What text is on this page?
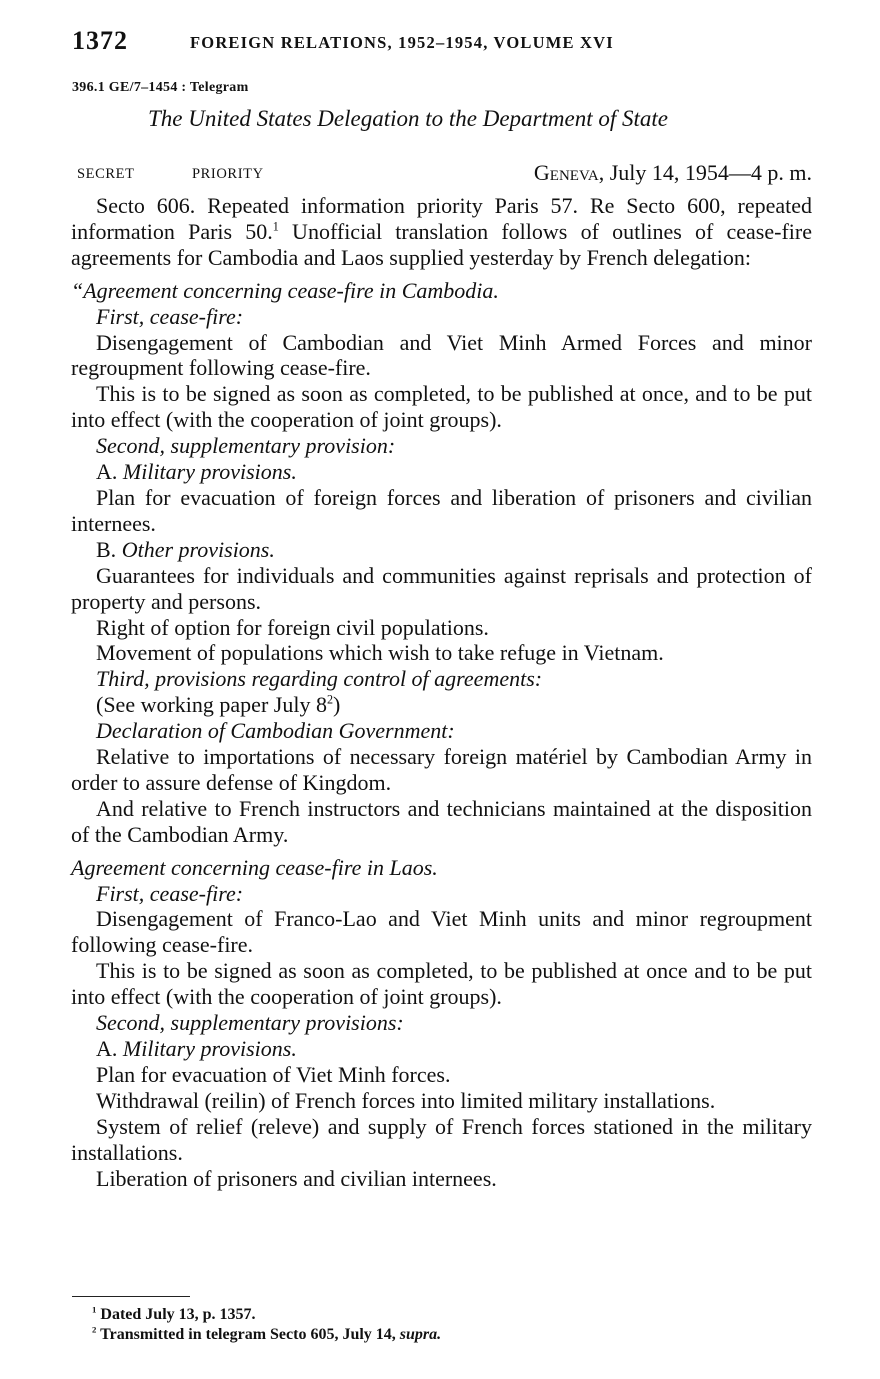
1372	FOREIGN RELATIONS, 1952–1954, VOLUME XVI
396.1 GE/7–1454 : Telegram
The United States Delegation to the Department of State
SECRET	PRIORITY	Geneva, July 14, 1954—4 p. m.

Secto 606. Repeated information priority Paris 57. Re Secto 600, repeated information Paris 50.$^1$ Unofficial translation follows of outlines of cease-fire agreements for Cambodia and Laos supplied yesterday by French delegation:

“Agreement concerning cease-fire in Cambodia.

First, cease-fire:

Disengagement of Cambodian and Viet Minh Armed Forces and minor regroupment following cease-fire.

This is to be signed as soon as completed, to be published at once, and to be put into effect (with the cooperation of joint groups).

Second, supplementary provision:

A. Military provisions.

Plan for evacuation of foreign forces and liberation of prisoners and civilian internees.

B. Other provisions.

Guarantees for individuals and communities against reprisals and protection of property and persons.

Right of option for foreign civil populations.

Movement of populations which wish to take refuge in Vietnam.

Third, provisions regarding control of agreements:

(See working paper July $8^2$)

Declaration of Cambodian Government:

Relative to importations of necessary foreign matériel by Cambodian Army in order to assure defense of Kingdom.

And relative to French instructors and technicians maintained at the disposition of the Cambodian Army.

Agreement concerning cease-fire in Laos.

First, cease-fire:

Disengagement of Franco-Lao and Viet Minh units and minor regroupment following cease-fire.

This is to be signed as soon as completed, to be published at once and to be put into effect (with the cooperation of joint groups).

Second, supplementary provisions:

A. Military provisions.

Plan for evacuation of Viet Minh forces.

Withdrawal (reilin) of French forces into limited military installations.

System of relief (releve) and supply of French forces stationed in the military installations.

Liberation of prisoners and civilian internees.

$^1$ Dated July 13, p. 1357.

$^2$ Transmitted in telegram Secto 605, July 14, supra.
